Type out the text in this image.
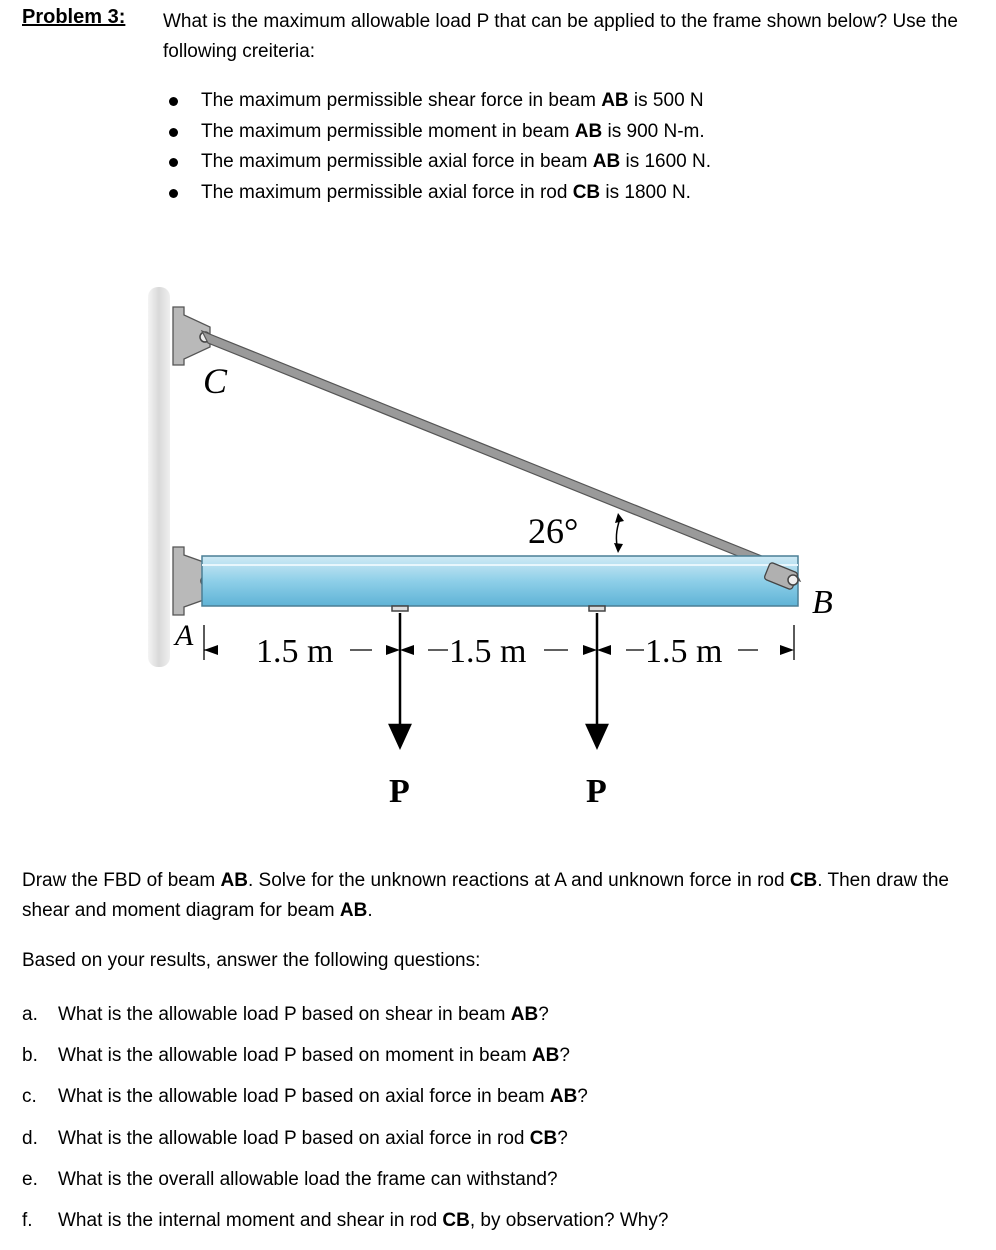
Problem 3: What is the maximum allowable load P that can be applied to the frame shown below? Use the following creiteria:
The maximum permissible shear force in beam AB is 500 N
The maximum permissible moment in beam AB is 900 N-m.
The maximum permissible axial force in beam AB is 1600 N.
The maximum permissible axial force in rod CB is 1800 N.
C
A
B
26°
1.5 m	1.5 m	1.5 m
P	P
Draw the FBD of beam AB. Solve for the unknown reactions at A and unknown force in rod CB. Then draw the shear and moment diagram for beam AB.
Based on your results, answer the following questions:
a. What is the allowable load P based on shear in beam AB?
b. What is the allowable load P based on moment in beam AB?
c. What is the allowable load P based on axial force in beam AB?
d. What is the allowable load P based on axial force in rod CB?
e. What is the overall allowable load the frame can withstand?
f. What is the internal moment and shear in rod CB, by observation? Why?
